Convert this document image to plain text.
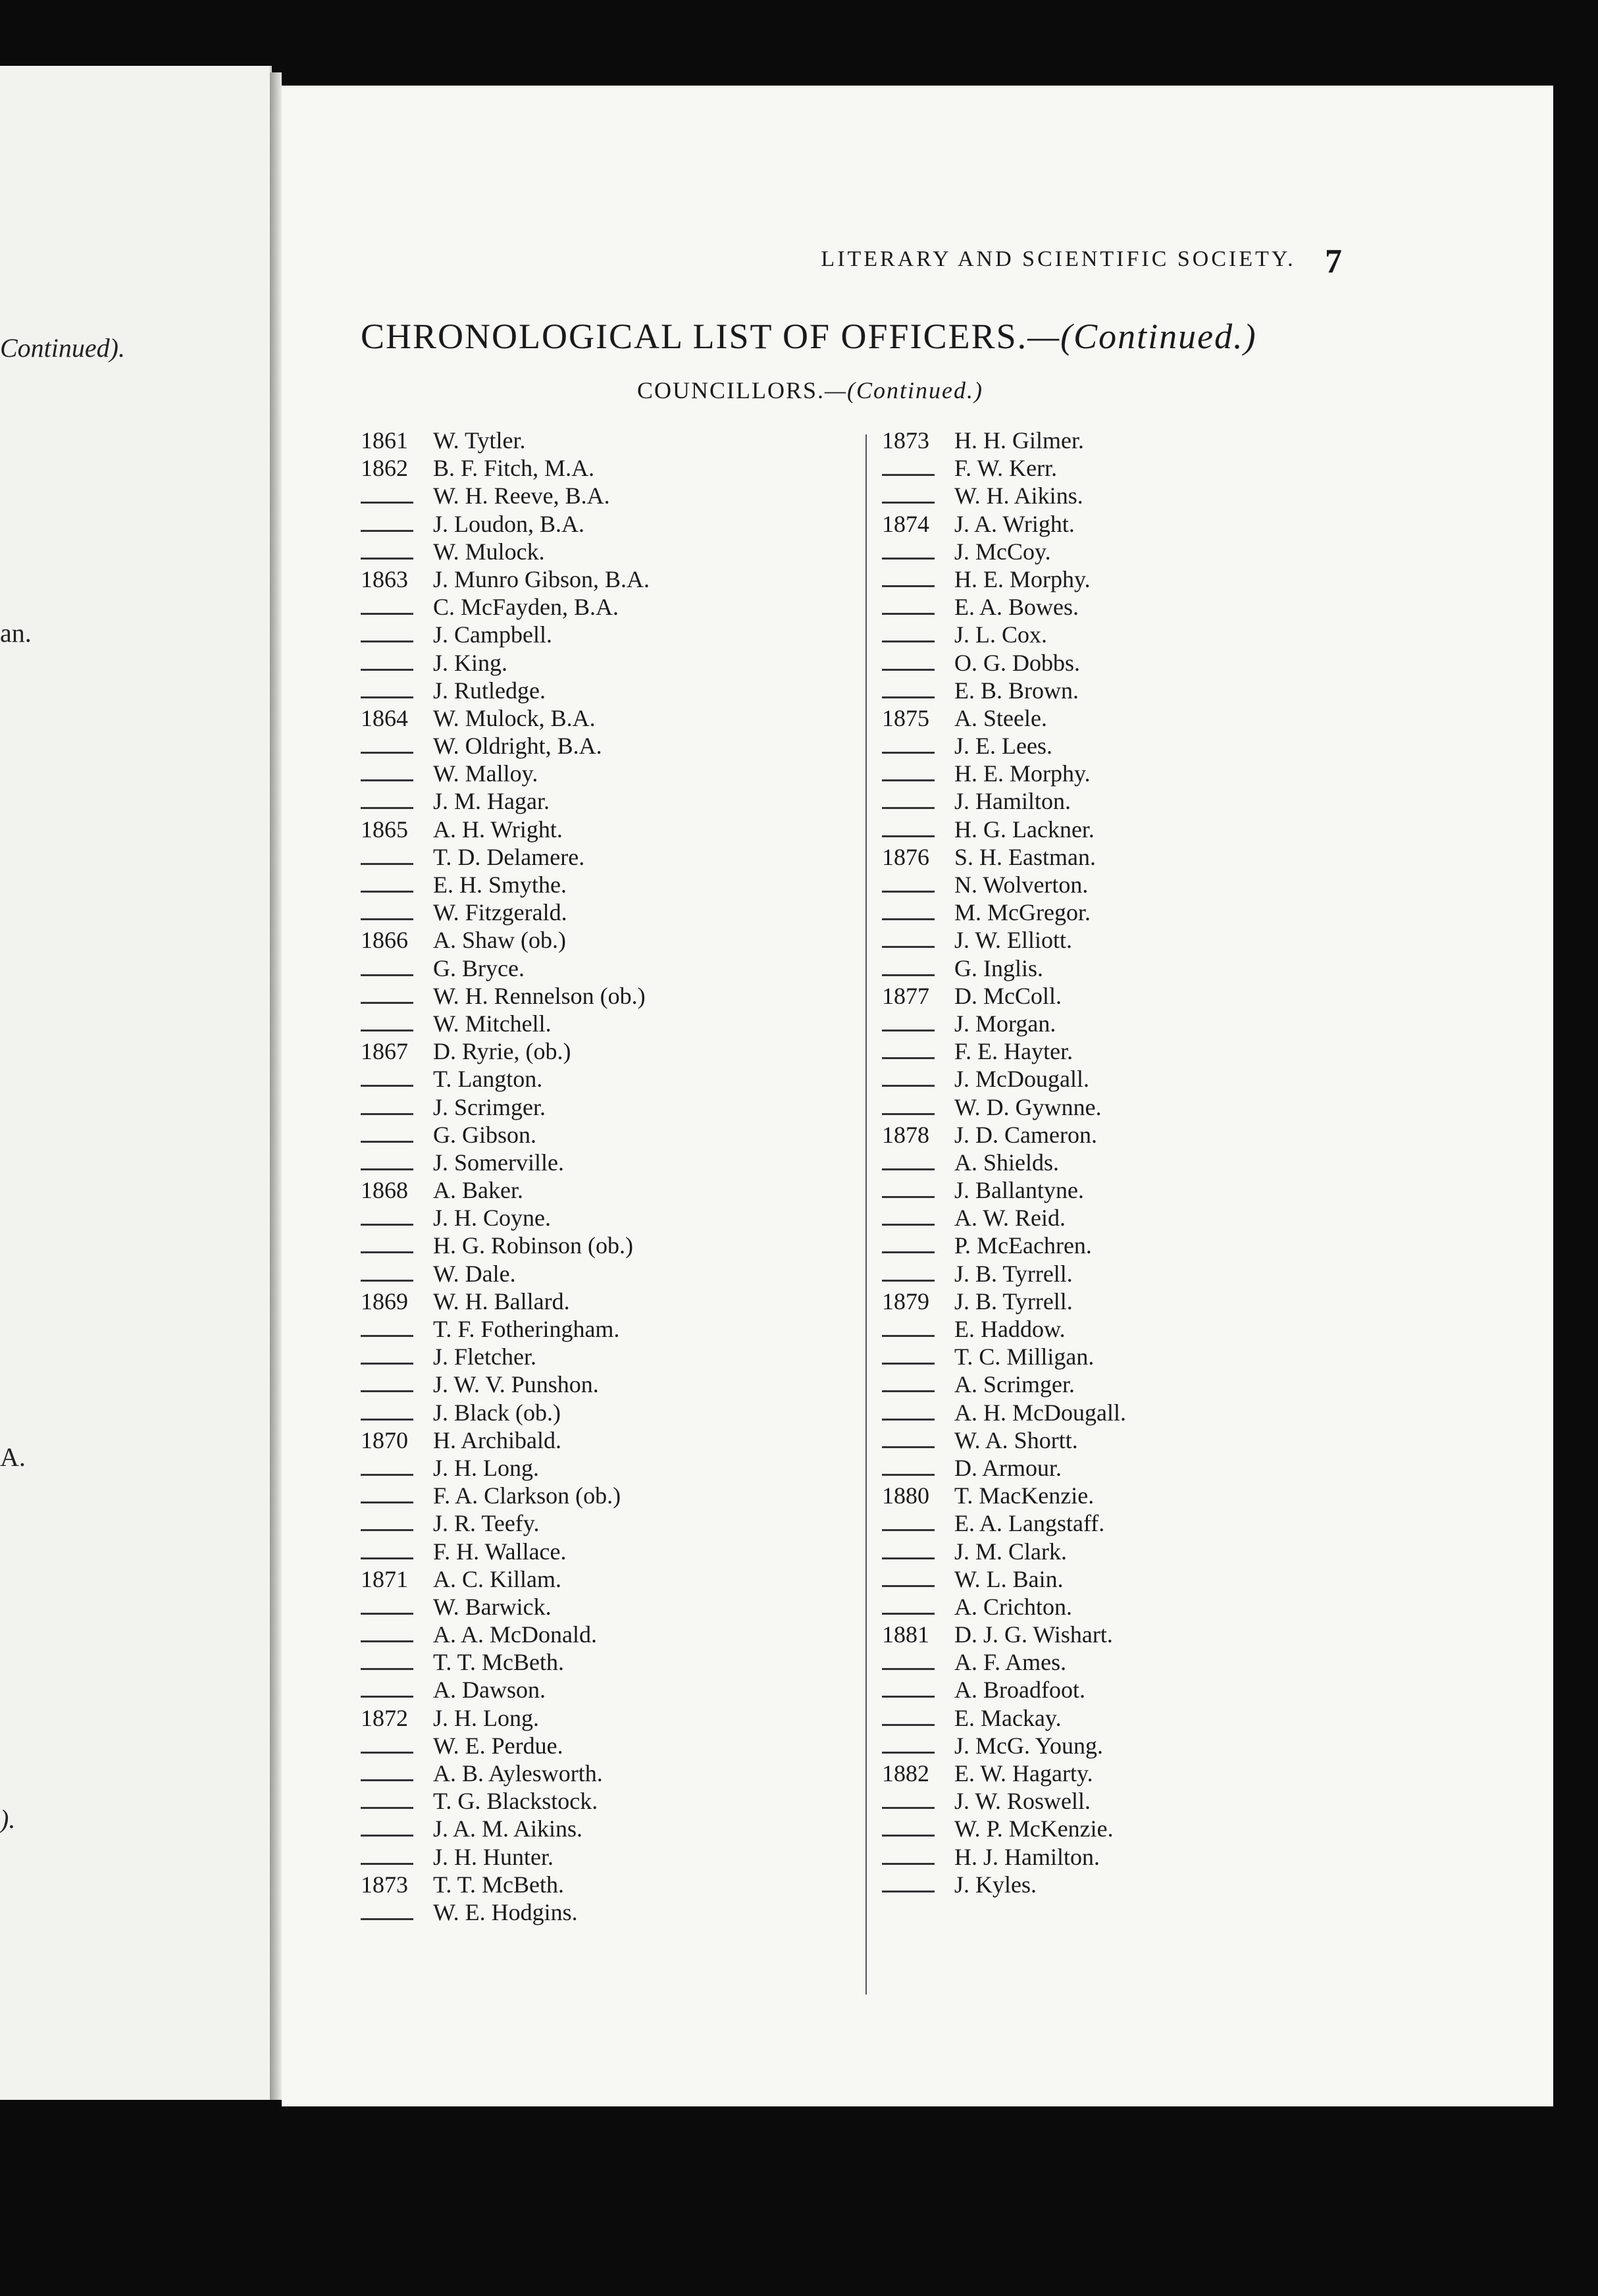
Continued).
an.
A.
).
LITERARY AND SCIENTIFIC SOCIETY. 7
CHRONOLOGICAL LIST OF OFFICERS.—(Continued.)
COUNCILLORS.—(Continued.)
1861	W. Tytler.
1862	B. F. Fitch, M.A.
W. H. Reeve, B.A.
J. Loudon, B.A.
W. Mulock.
1863	J. Munro Gibson, B.A.
C. McFayden, B.A.
J. Campbell.
J. King.
J. Rutledge.
1864	W. Mulock, B.A.
W. Oldright, B.A.
W. Malloy.
J. M. Hagar.
1865	A. H. Wright.
T. D. Delamere.
E. H. Smythe.
W. Fitzgerald.
1866	A. Shaw (ob.)
G. Bryce.
W. H. Rennelson (ob.)
W. Mitchell.
1867	D. Ryrie, (ob.)
T. Langton.
J. Scrimger.
G. Gibson.
J. Somerville.
1868	A. Baker.
J. H. Coyne.
H. G. Robinson (ob.)
W. Dale.
1869	W. H. Ballard.
T. F. Fotheringham.
J. Fletcher.
J. W. V. Punshon.
J. Black (ob.)
1870	H. Archibald.
J. H. Long.
F. A. Clarkson (ob.)
J. R. Teefy.
F. H. Wallace.
1871	A. C. Killam.
W. Barwick.
A. A. McDonald.
T. T. McBeth.
A. Dawson.
1872	J. H. Long.
W. E. Perdue.
A. B. Aylesworth.
T. G. Blackstock.
J. A. M. Aikins.
J. H. Hunter.
1873	T. T. McBeth.
W. E. Hodgins.
1873	H. H. Gilmer.
F. W. Kerr.
W. H. Aikins.
1874	J. A. Wright.
J. McCoy.
H. E. Morphy.
E. A. Bowes.
J. L. Cox.
O. G. Dobbs.
E. B. Brown.
1875	A. Steele.
J. E. Lees.
H. E. Morphy.
J. Hamilton.
H. G. Lackner.
1876	S. H. Eastman.
N. Wolverton.
M. McGregor.
J. W. Elliott.
G. Inglis.
1877	D. McColl.
J. Morgan.
F. E. Hayter.
J. McDougall.
W. D. Gywnne.
1878	J. D. Cameron.
A. Shields.
J. Ballantyne.
A. W. Reid.
P. McEachren.
J. B. Tyrrell.
1879	J. B. Tyrrell.
E. Haddow.
T. C. Milligan.
A. Scrimger.
A. H. McDougall.
W. A. Shortt.
D. Armour.
1880	T. MacKenzie.
E. A. Langstaff.
J. M. Clark.
W. L. Bain.
A. Crichton.
1881	D. J. G. Wishart.
A. F. Ames.
A. Broadfoot.
E. Mackay.
J. McG. Young.
1882	E. W. Hagarty.
J. W. Roswell.
W. P. McKenzie.
H. J. Hamilton.
J. Kyles.
